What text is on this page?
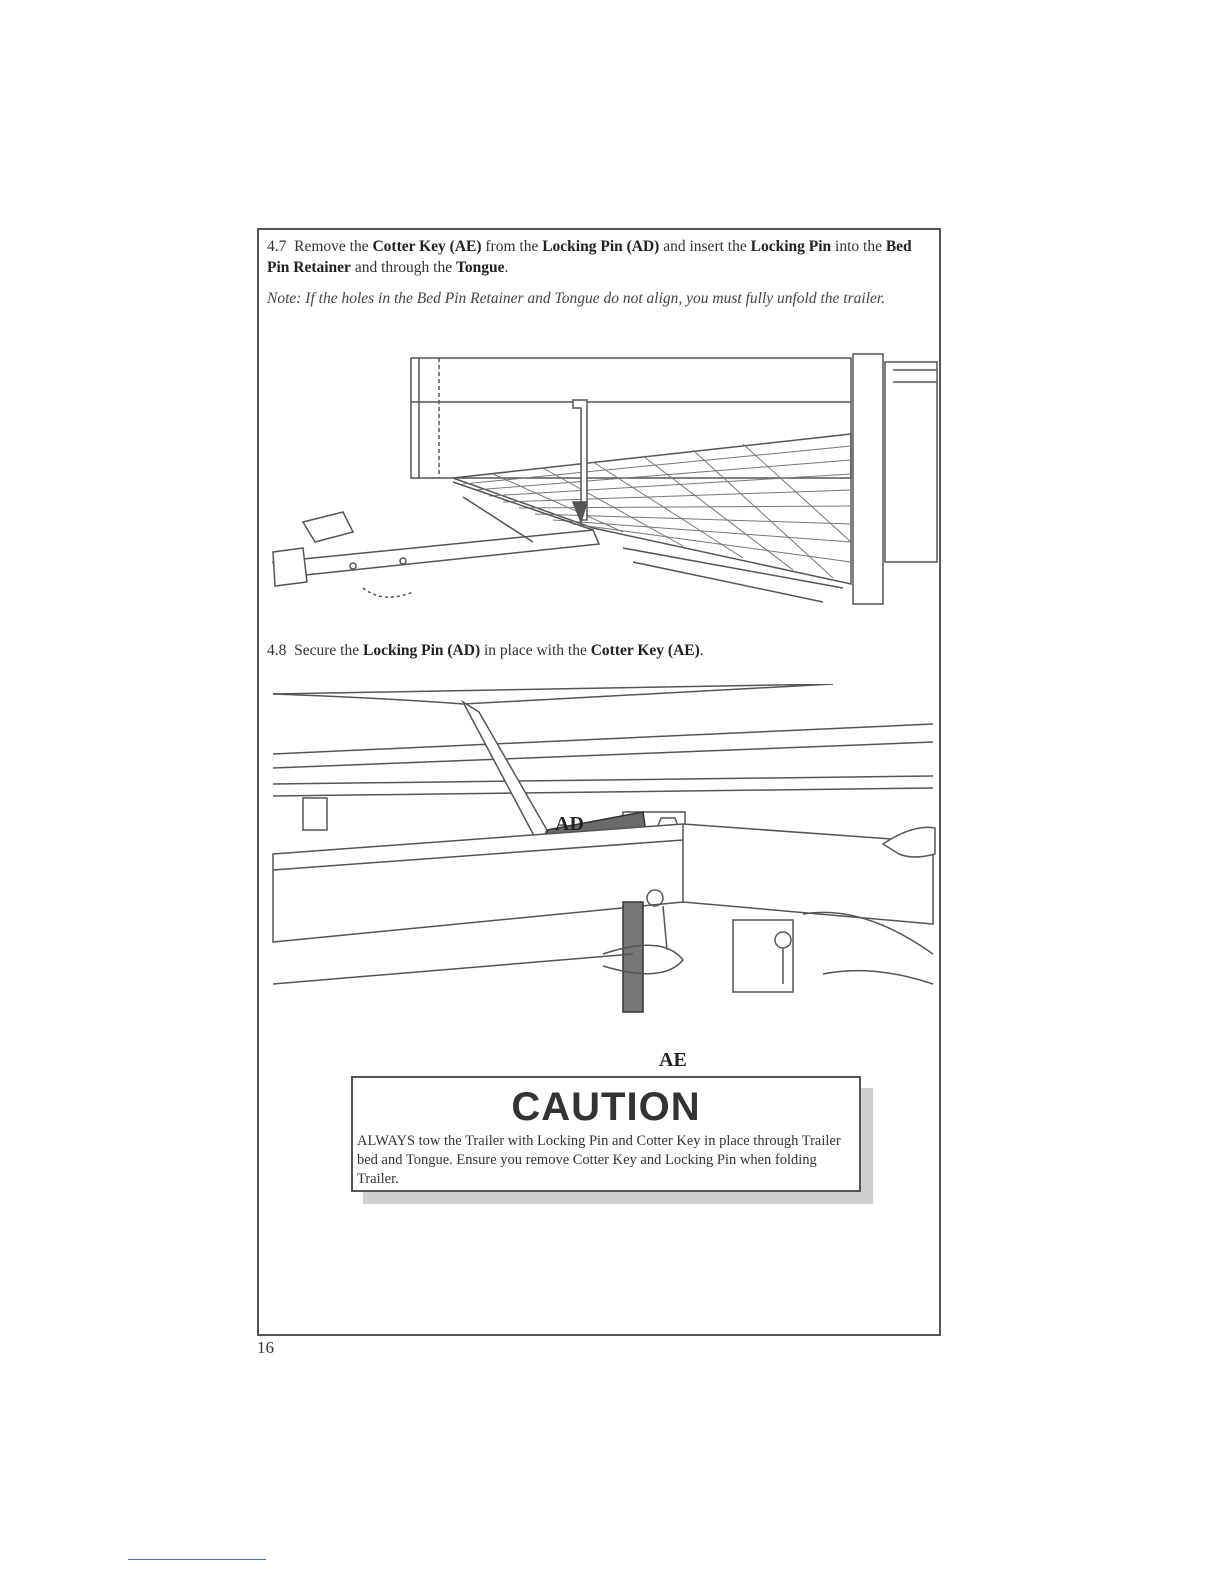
4.7 Remove the Cotter Key (AE) from the Locking Pin (AD) and insert the Locking Pin into the Bed Pin Retainer and through the Tongue.
Note: If the holes in the Bed Pin Retainer and Tongue do not align, you must fully unfold the trailer.
4.8 Secure the Locking Pin (AD) in place with the Cotter Key (AE).
AD
AE
CAUTION
ALWAYS tow the Trailer with Locking Pin and Cotter Key in place through Trailer bed and Tongue. Ensure you remove Cotter Key and Locking Pin when folding Trailer.
16
